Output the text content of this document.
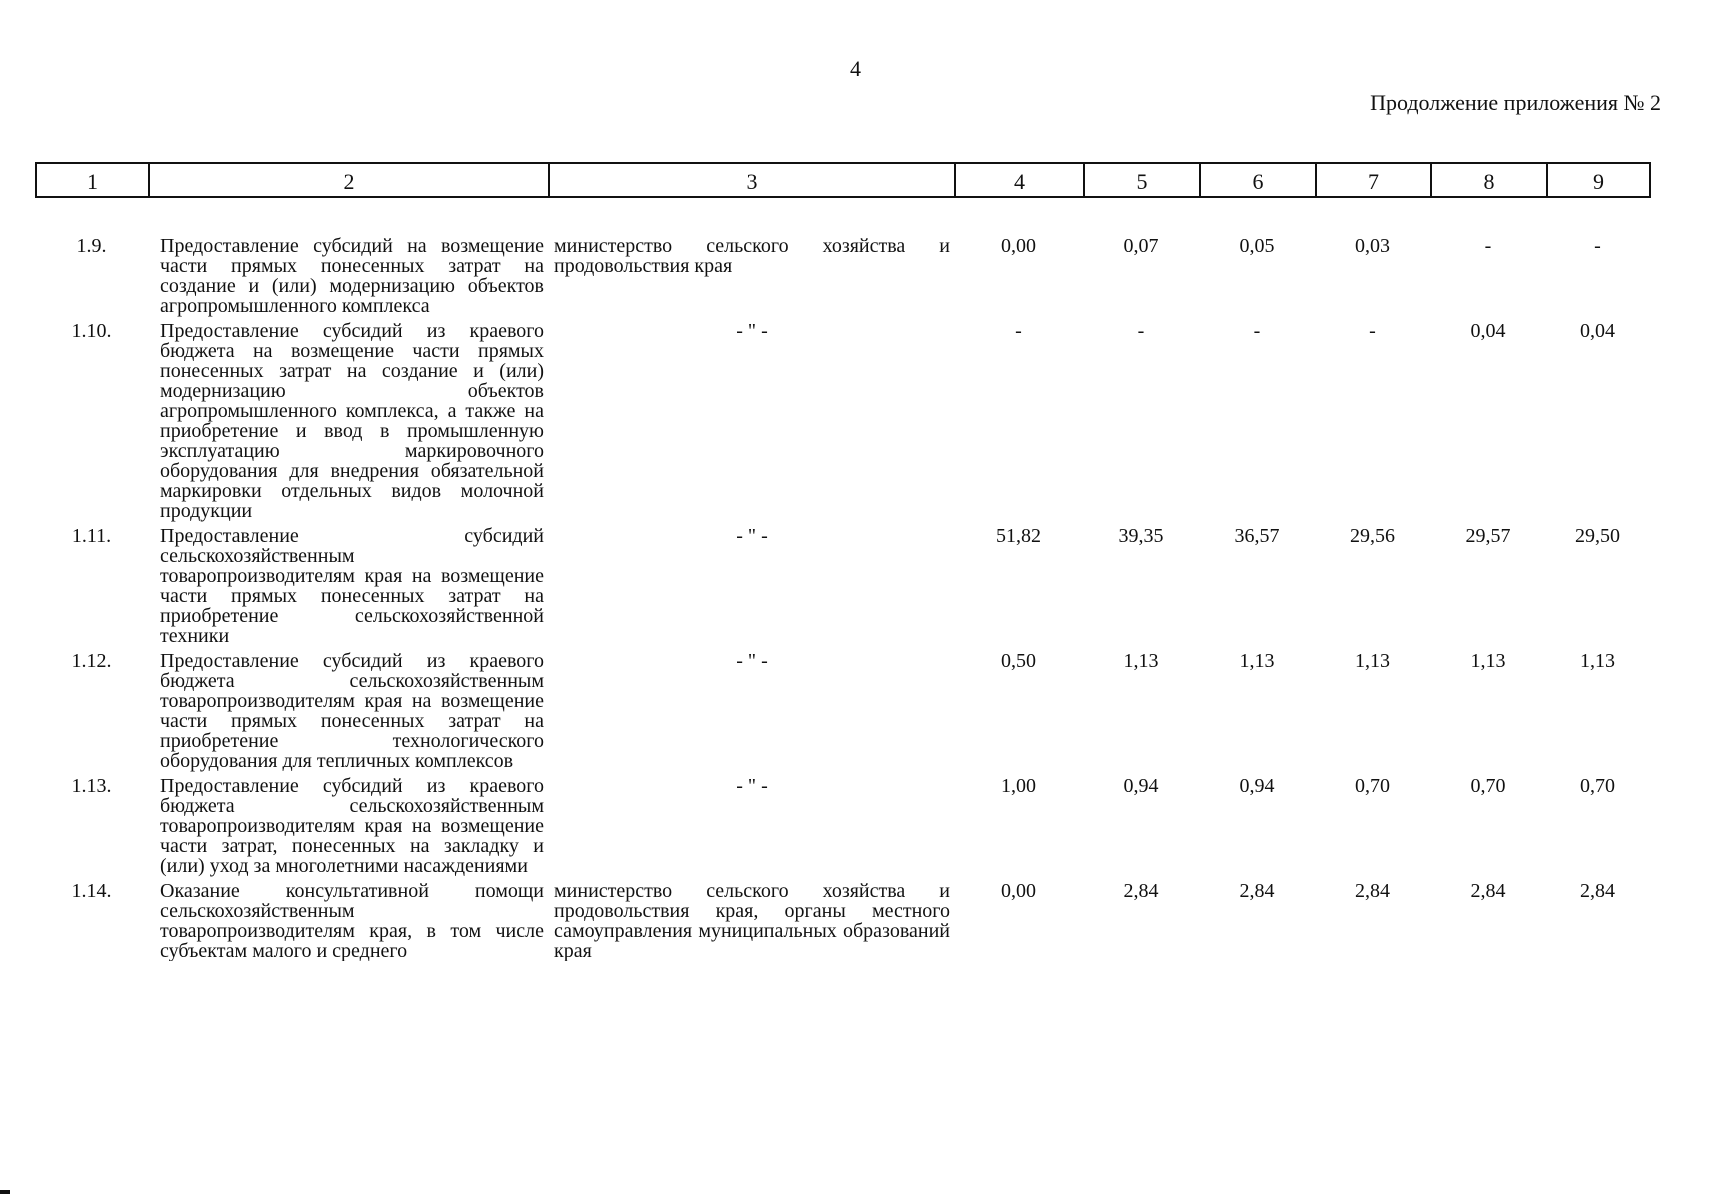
4
Продолжение приложения № 2
1	2	3	4	5	6	7	8	9
1.9.	Предоставление субсидий на возмещение части прямых понесенных затрат на создание и (или) модернизацию объектов агропромышленного комплекса	министерство сельского хозяйства и продовольствия края	0,00	0,07	0,05	0,03	-	-
1.10.	Предоставление субсидий из краевого бюджета на возмещение части прямых понесенных затрат на создание и (или) модернизацию объектов агропромышленного комплекса, а также на приобретение и ввод в промышленную эксплуатацию маркировочного оборудования для внедрения обязательной маркировки отдельных видов молочной продукции	- " -	-	-	-	-	0,04	0,04
1.11.	Предоставление субсидий сельскохозяйственным товаропроизводителям края на возмещение части прямых понесенных затрат на приобретение сельскохозяйственной техники	- " -	51,82	39,35	36,57	29,56	29,57	29,50
1.12.	Предоставление субсидий из краевого бюджета сельскохозяйственным товаропроизводителям края на возмещение части прямых понесенных затрат на приобретение технологического оборудования для тепличных комплексов	- " -	0,50	1,13	1,13	1,13	1,13	1,13
1.13.	Предоставление субсидий из краевого бюджета сельскохозяйственным товаропроизводителям края на возмещение части затрат, понесенных на закладку и (или) уход за многолетними насаждениями	- " -	1,00	0,94	0,94	0,70	0,70	0,70
1.14.	Оказание консультативной помощи сельскохозяйственным товаропроизводителям края, в том числе субъектам малого и среднего	министерство сельского хозяйства и продовольствия края, органы местного самоуправления муниципальных образований края	0,00	2,84	2,84	2,84	2,84	2,84
